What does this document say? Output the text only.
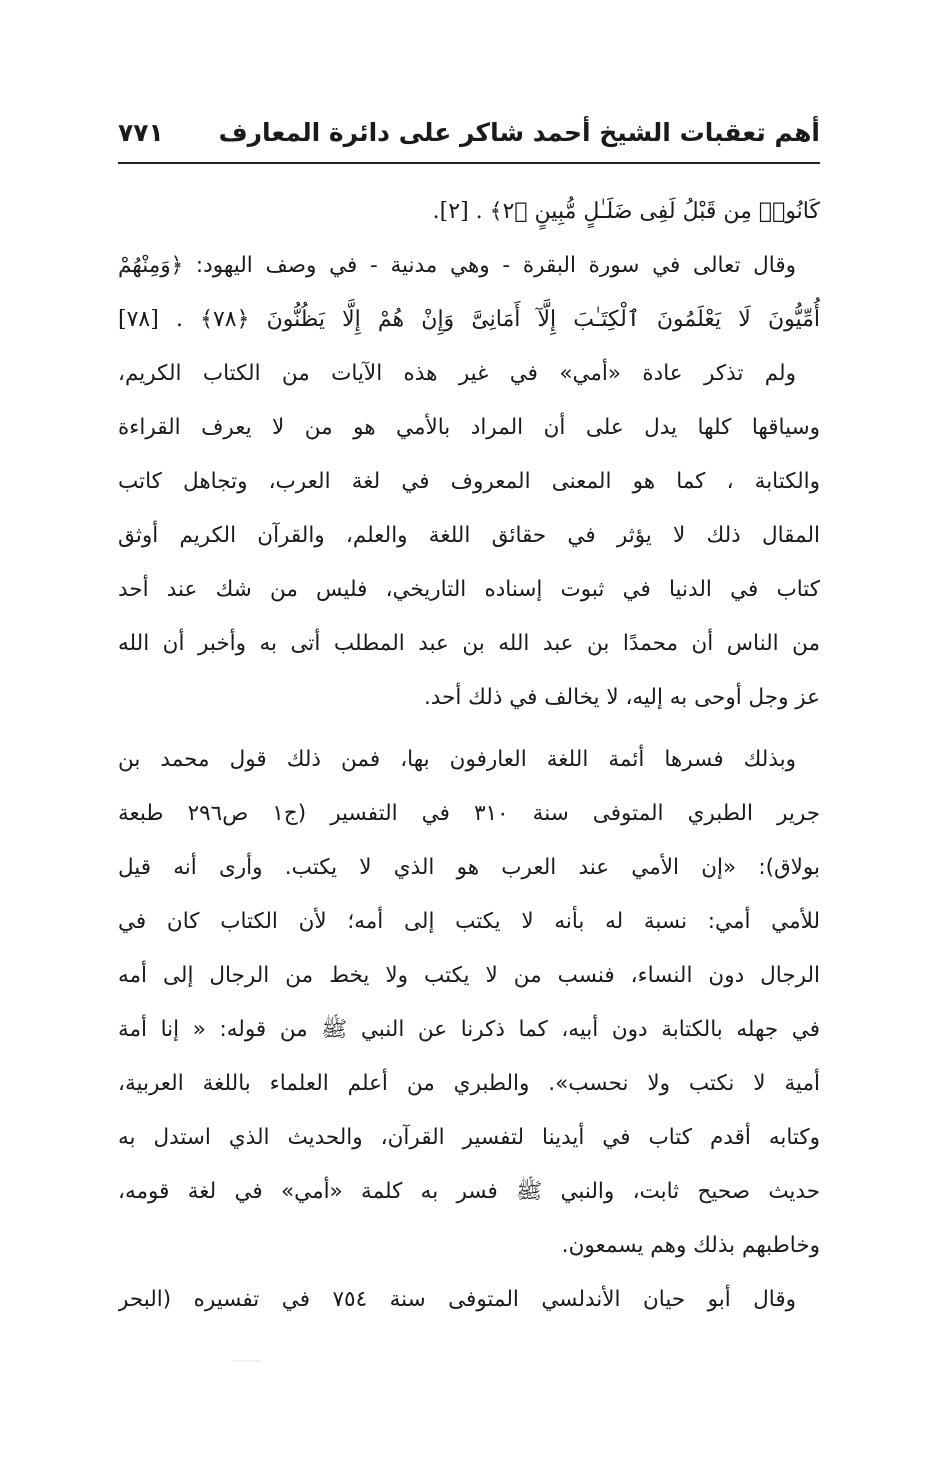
أهم تعقبات الشيخ أحمد شاكر على دائرة المعارف
٧٧١
كَانُوا۟ مِن قَبْلُ لَفِى ضَلَـٰلٍ مُّبِينٍ ﴿٢﴾ . [٢].
وقال تعالى في سورة البقرة - وهي مدنية - في وصف اليهود: ﴿وَمِنْهُمْ
أُمِّيُّونَ لَا يَعْلَمُونَ ٱلْكِتَـٰبَ إِلَّآ أَمَانِىَّ وَإِنْ هُمْ إِلَّا يَظُنُّونَ ﴿٧٨﴾ . [٧٨]
ولم تذكر عادة «أمي» في غير هذه الآيات من الكتاب الكريم،
وسياقها كلها يدل على أن المراد بالأمي هو من لا يعرف القراءة
والكتابة ، كما هو المعنى المعروف في لغة العرب، وتجاهل كاتب
المقال ذلك لا يؤثر في حقائق اللغة والعلم، والقرآن الكريم أوثق
كتاب في الدنيا في ثبوت إسناده التاريخي، فليس من شك عند أحد
من الناس أن محمدًا بن عبد الله بن عبد المطلب أتى به وأخبر أن الله
عز وجل أوحى به إليه، لا يخالف في ذلك أحد.
وبذلك فسرها أئمة اللغة العارفون بها، فمن ذلك قول محمد بن
جرير الطبري المتوفى سنة ٣١٠ في التفسير (ج١ ص٢٩٦ طبعة
بولاق): «إن الأمي عند العرب هو الذي لا يكتب. وأرى أنه قيل
للأمي أمي: نسبة له بأنه لا يكتب إلى أمه؛ لأن الكتاب كان في
الرجال دون النساء، فنسب من لا يكتب ولا يخط من الرجال إلى أمه
في جهله بالكتابة دون أبيه، كما ذكرنا عن النبي ﷺ من قوله: « إنا أمة
أمية لا نكتب ولا نحسب». والطبري من أعلم العلماء باللغة العربية،
وكتابه أقدم كتاب في أيدينا لتفسير القرآن، والحديث الذي استدل به
حديث صحيح ثابت، والنبي ﷺ فسر به كلمة «أمي» في لغة قومه،
وخاطبهم بذلك وهم يسمعون.
وقال أبو حيان الأندلسي المتوفى سنة ٧٥٤ في تفسيره (البحر
